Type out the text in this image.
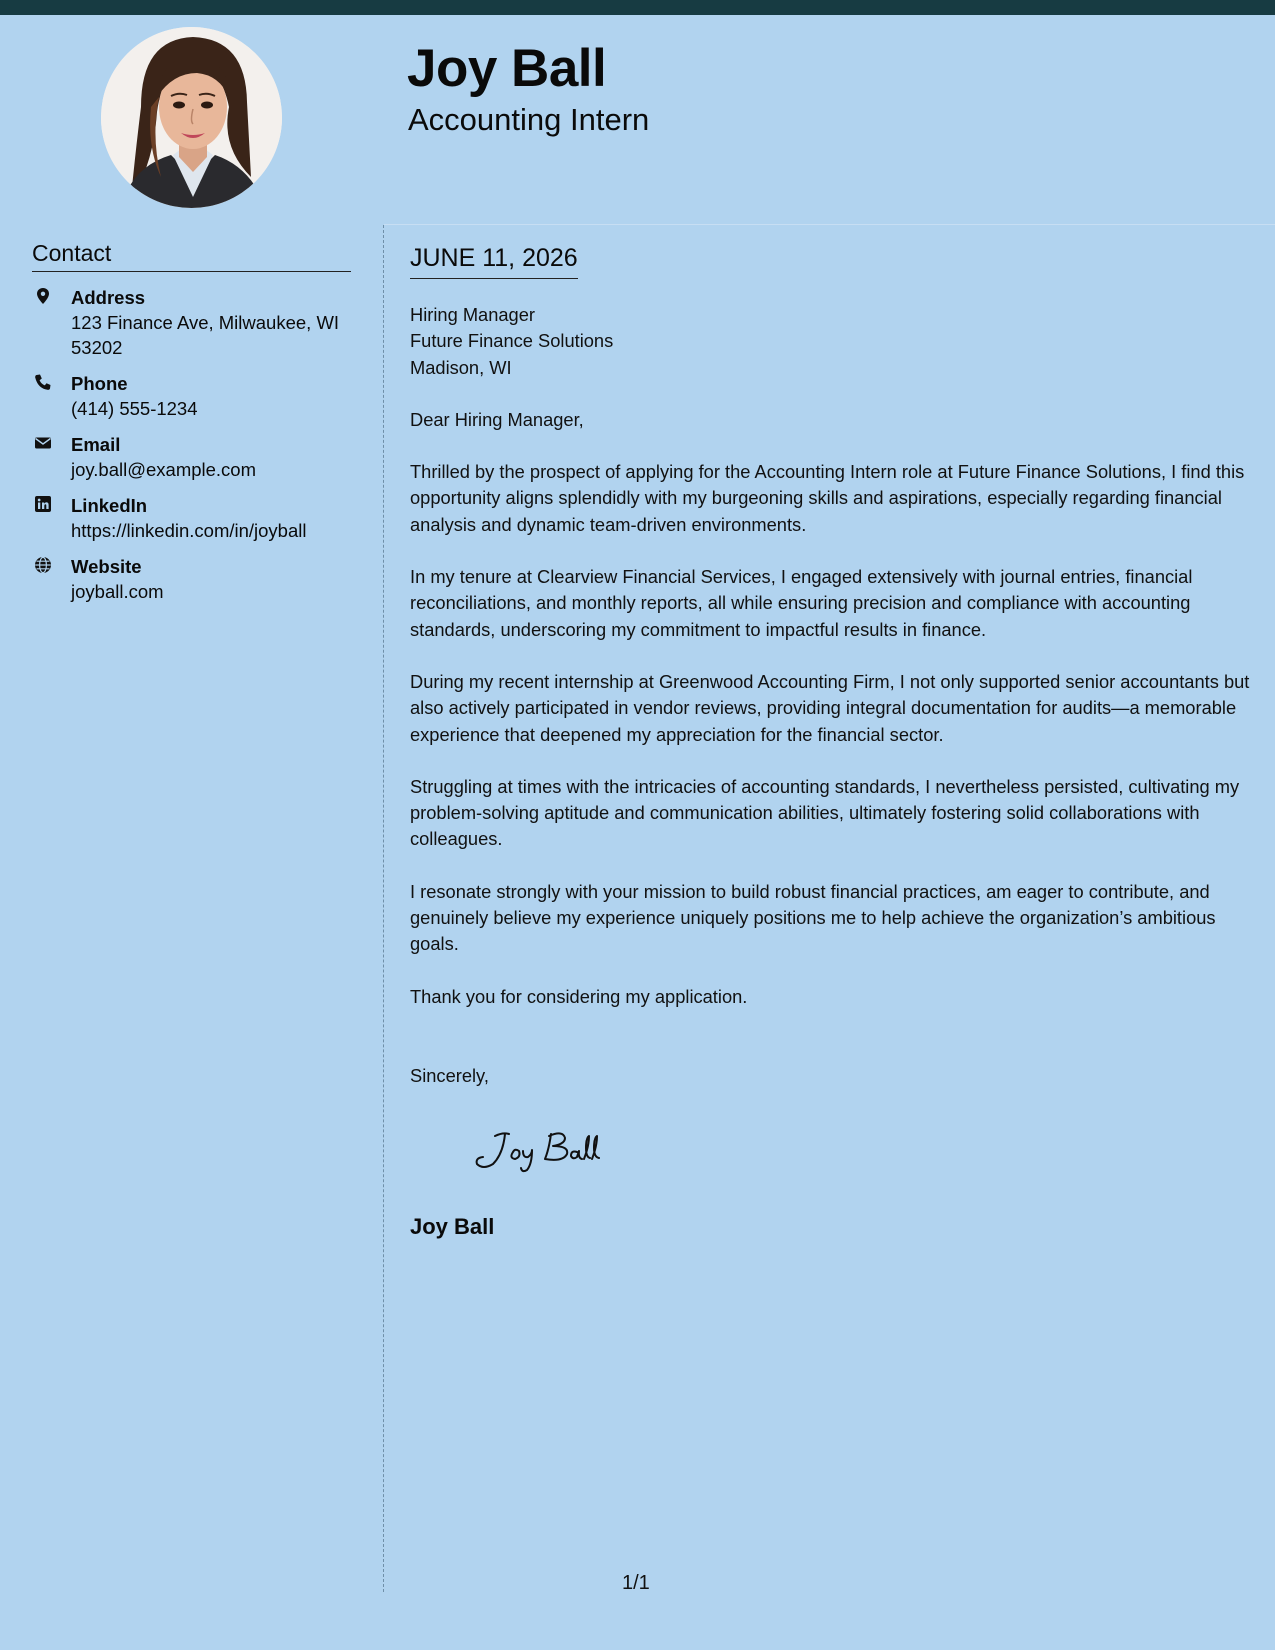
Joy Ball
Accounting Intern
Contact
Address
123 Finance Ave, Milwaukee, WI 53202
Phone
(414) 555-1234
Email
joy.ball@example.com
LinkedIn
https://linkedin.com/in/joyball
Website
joyball.com
JUNE 11, 2026

Hiring Manager
Future Finance Solutions
Madison, WI

Dear Hiring Manager,

Thrilled by the prospect of applying for the Accounting Intern role at Future Finance Solutions, I find this opportunity aligns splendidly with my burgeoning skills and aspirations, especially regarding financial analysis and dynamic team-driven environments.

In my tenure at Clearview Financial Services, I engaged extensively with journal entries, financial reconciliations, and monthly reports, all while ensuring precision and compliance with accounting standards, underscoring my commitment to impactful results in finance.

During my recent internship at Greenwood Accounting Firm, I not only supported senior accountants but also actively participated in vendor reviews, providing integral documentation for audits—a memorable experience that deepened my appreciation for the financial sector.

Struggling at times with the intricacies of accounting standards, I nevertheless persisted, cultivating my problem-solving aptitude and communication abilities, ultimately fostering solid collaborations with colleagues.

I resonate strongly with your mission to build robust financial practices, am eager to contribute, and genuinely believe my experience uniquely positions me to help achieve the organization’s ambitious goals.

Thank you for considering my application.

Sincerely,

Joy Ball
1/1
